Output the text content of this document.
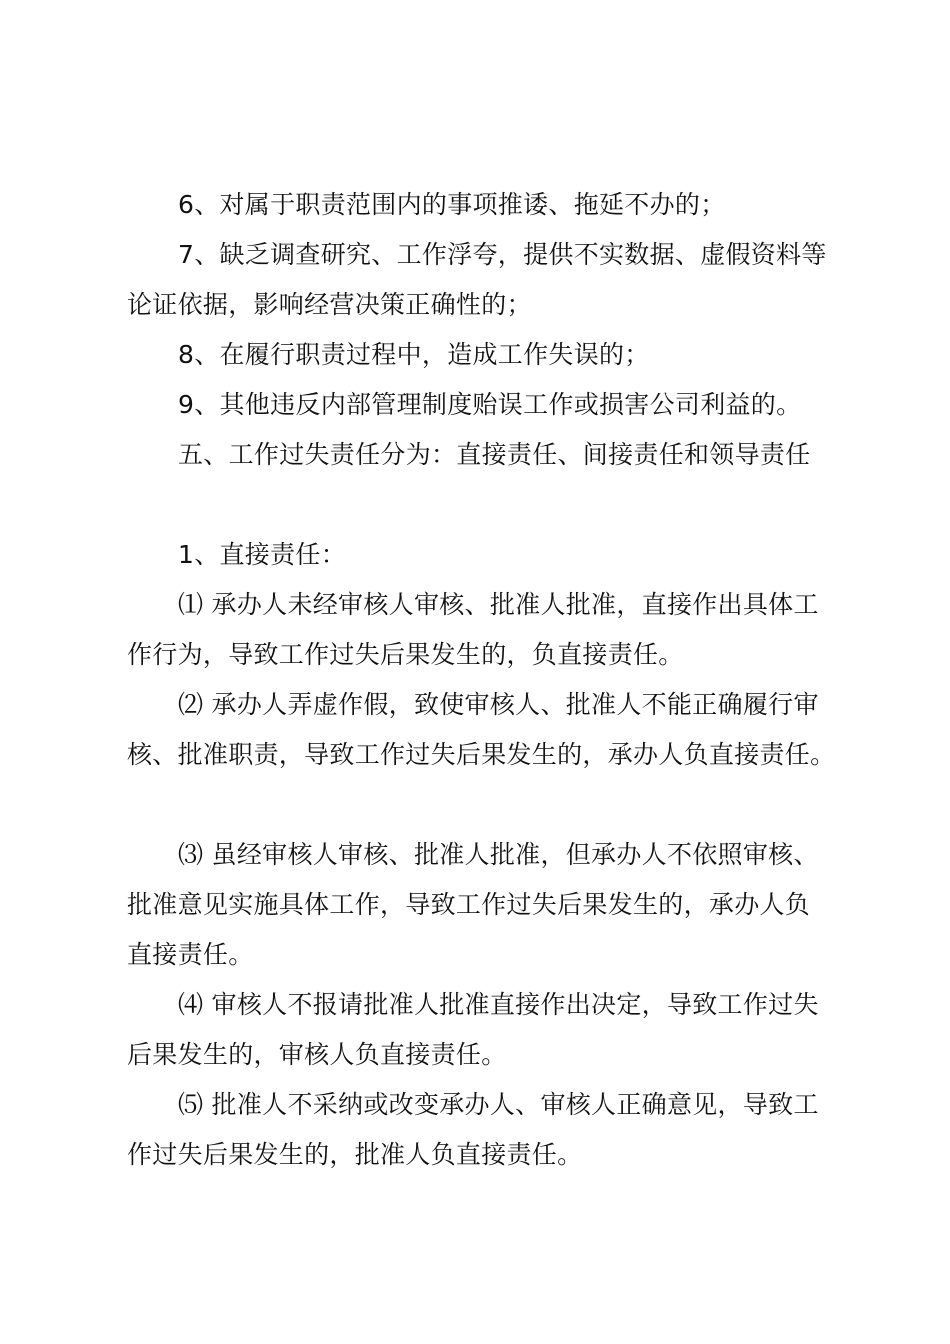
6、对属于职责范围内的事项推诿、拖延不办的；
7、缺乏调查研究、工作浮夸，提供不实数据、虚假资料等
论证依据，影响经营决策正确性的；
8、在履行职责过程中，造成工作失误的；
9、其他违反内部管理制度贻误工作或损害公司利益的。
五、工作过失责任分为：直接责任、间接责任和领导责任
1、直接责任：
⑴ 承办人未经审核人审核、批准人批准，直接作出具体工
作行为，导致工作过失后果发生的，负直接责任。
⑵ 承办人弄虚作假，致使审核人、批准人不能正确履行审
核、批准职责，导致工作过失后果发生的，承办人负直接责任。
⑶ 虽经审核人审核、批准人批准，但承办人不依照审核、
批准意见实施具体工作，导致工作过失后果发生的，承办人负
直接责任。
⑷ 审核人不报请批准人批准直接作出决定，导致工作过失
后果发生的，审核人负直接责任。
⑸ 批准人不采纳或改变承办人、审核人正确意见，导致工
作过失后果发生的，批准人负直接责任。
